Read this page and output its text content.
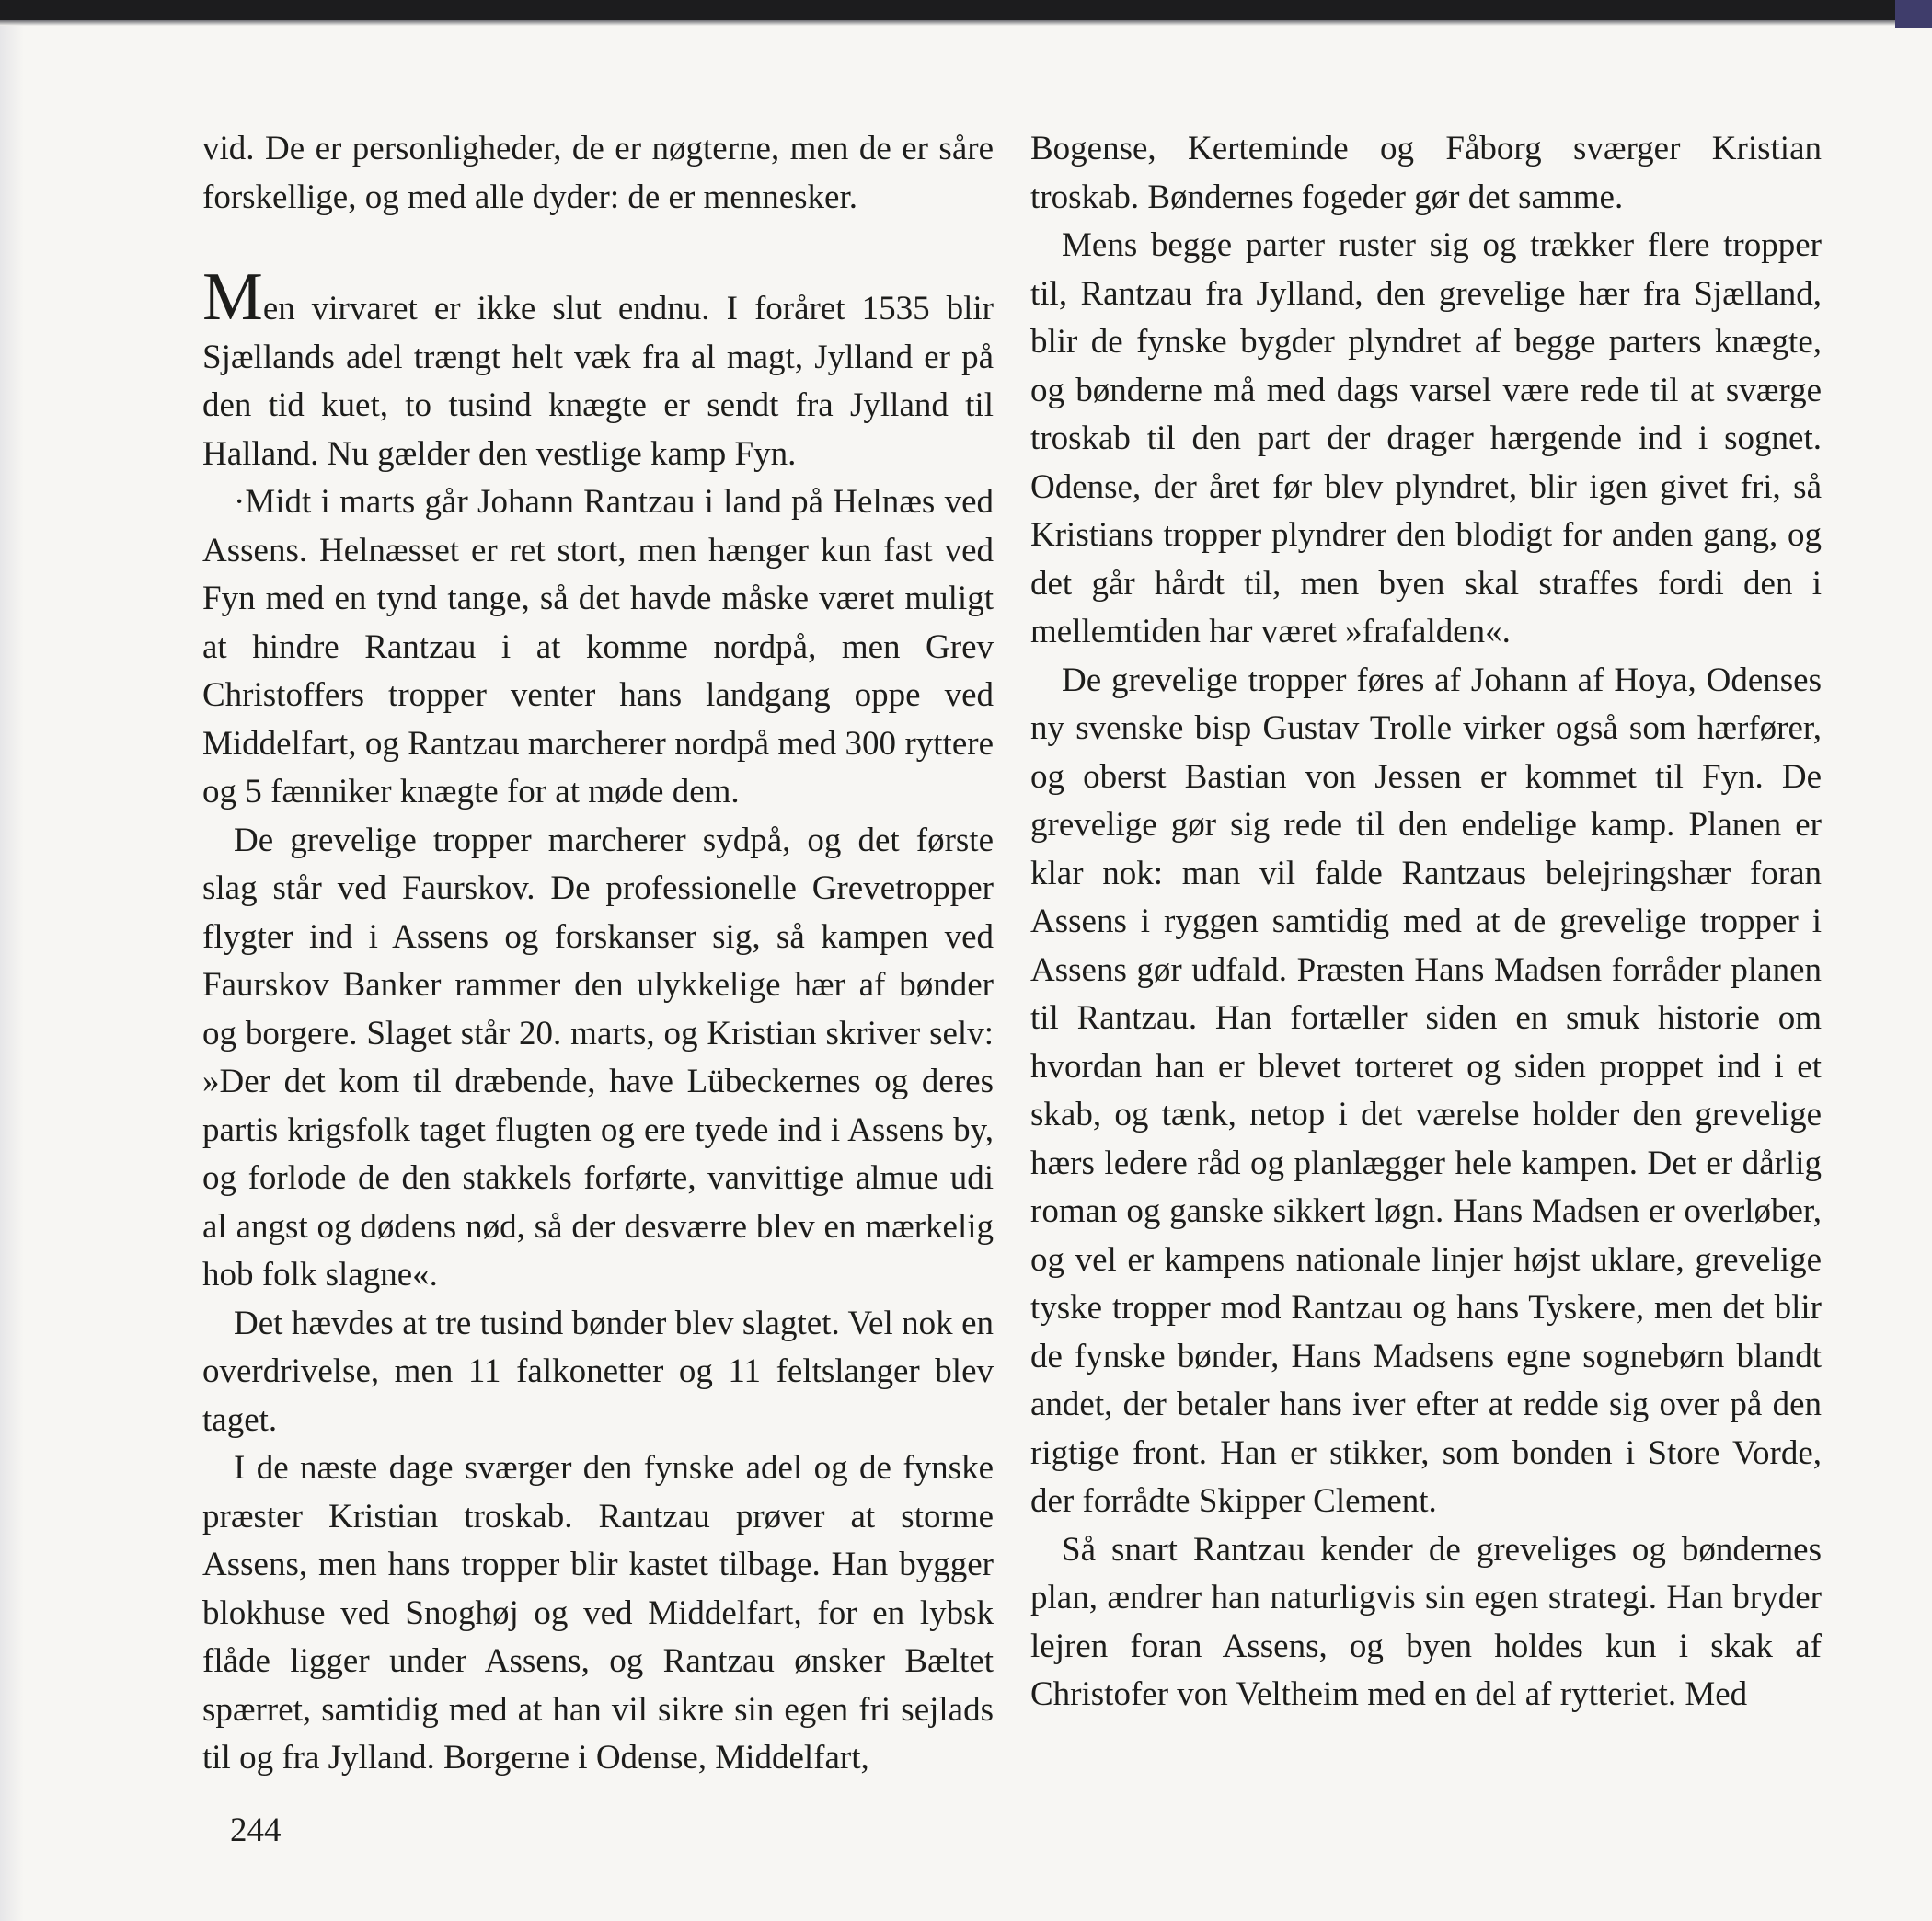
vid. De er personligheder, de er nøgterne, men de er såre forskellige, og med alle dyder: de er mennesker.

Men virvaret er ikke slut endnu. I foråret 1535 blir Sjællands adel trængt helt væk fra al magt, Jylland er på den tid kuet, to tusind knægte er sendt fra Jylland til Halland. Nu gælder den vestlige kamp Fyn.

·Midt i marts går Johann Rantzau i land på Helnæs ved Assens. Helnæsset er ret stort, men hænger kun fast ved Fyn med en tynd tange, så det havde måske været muligt at hindre Rantzau i at komme nordpå, men Grev Christoffers tropper venter hans landgang oppe ved Middelfart, og Rantzau marcherer nordpå med 300 ryttere og 5 fænniker knægte for at møde dem.

De grevelige tropper marcherer sydpå, og det første slag står ved Faurskov. De professionelle Grevetropper flygter ind i Assens og forskanser sig, så kampen ved Faurskov Banker rammer den ulykkelige hær af bønder og borgere. Slaget står 20. marts, og Kristian skriver selv: »Der det kom til dræbende, have Lübeckernes og deres partis krigsfolk taget flugten og ere tyede ind i Assens by, og forlode de den stakkels forførte, vanvittige almue udi al angst og dødens nød, så der desværre blev en mærkelig hob folk slagne«.

Det hævdes at tre tusind bønder blev slagtet. Vel nok en overdrivelse, men 11 falkonetter og 11 feltslanger blev taget.

I de næste dage sværger den fynske adel og de fynske præster Kristian troskab. Rantzau prøver at storme Assens, men hans tropper blir kastet tilbage. Han bygger blokhuse ved Snoghøj og ved Middelfart, for en lybsk flåde ligger under Assens, og Rantzau ønsker Bæltet spærret, samtidig med at han vil sikre sin egen fri sejlads til og fra Jylland. Borgerne i Odense, Middelfart,

Bogense, Kerteminde og Fåborg sværger Kristian troskab. Bøndernes fogeder gør det samme.

Mens begge parter ruster sig og trækker flere tropper til, Rantzau fra Jylland, den grevelige hær fra Sjælland, blir de fynske bygder plyndret af begge parters knægte, og bønderne må med dags varsel være rede til at sværge troskab til den part der drager hærgende ind i sognet. Odense, der året før blev plyndret, blir igen givet fri, så Kristians tropper plyndrer den blodigt for anden gang, og det går hårdt til, men byen skal straffes fordi den i mellemtiden har været »frafalden«.

De grevelige tropper føres af Johann af Hoya, Odenses ny svenske bisp Gustav Trolle virker også som hærfører, og oberst Bastian von Jessen er kommet til Fyn. De grevelige gør sig rede til den endelige kamp. Planen er klar nok: man vil falde Rantzaus belejringshær foran Assens i ryggen samtidig med at de grevelige tropper i Assens gør udfald. Præsten Hans Madsen forråder planen til Rantzau. Han fortæller siden en smuk historie om hvordan han er blevet torteret og siden proppet ind i et skab, og tænk, netop i det værelse holder den grevelige hærs ledere råd og planlægger hele kampen. Det er dårlig roman og ganske sikkert løgn. Hans Madsen er overløber, og vel er kampens nationale linjer højst uklare, grevelige tyske tropper mod Rantzau og hans Tyskere, men det blir de fynske bønder, Hans Madsens egne sognebørn blandt andet, der betaler hans iver efter at redde sig over på den rigtige front. Han er stikker, som bonden i Store Vorde, der forrådte Skipper Clement.

Så snart Rantzau kender de greveliges og bøndernes plan, ændrer han naturligvis sin egen strategi. Han bryder lejren foran Assens, og byen holdes kun i skak af Christofer von Veltheim med en del af rytteriet. Med

244
